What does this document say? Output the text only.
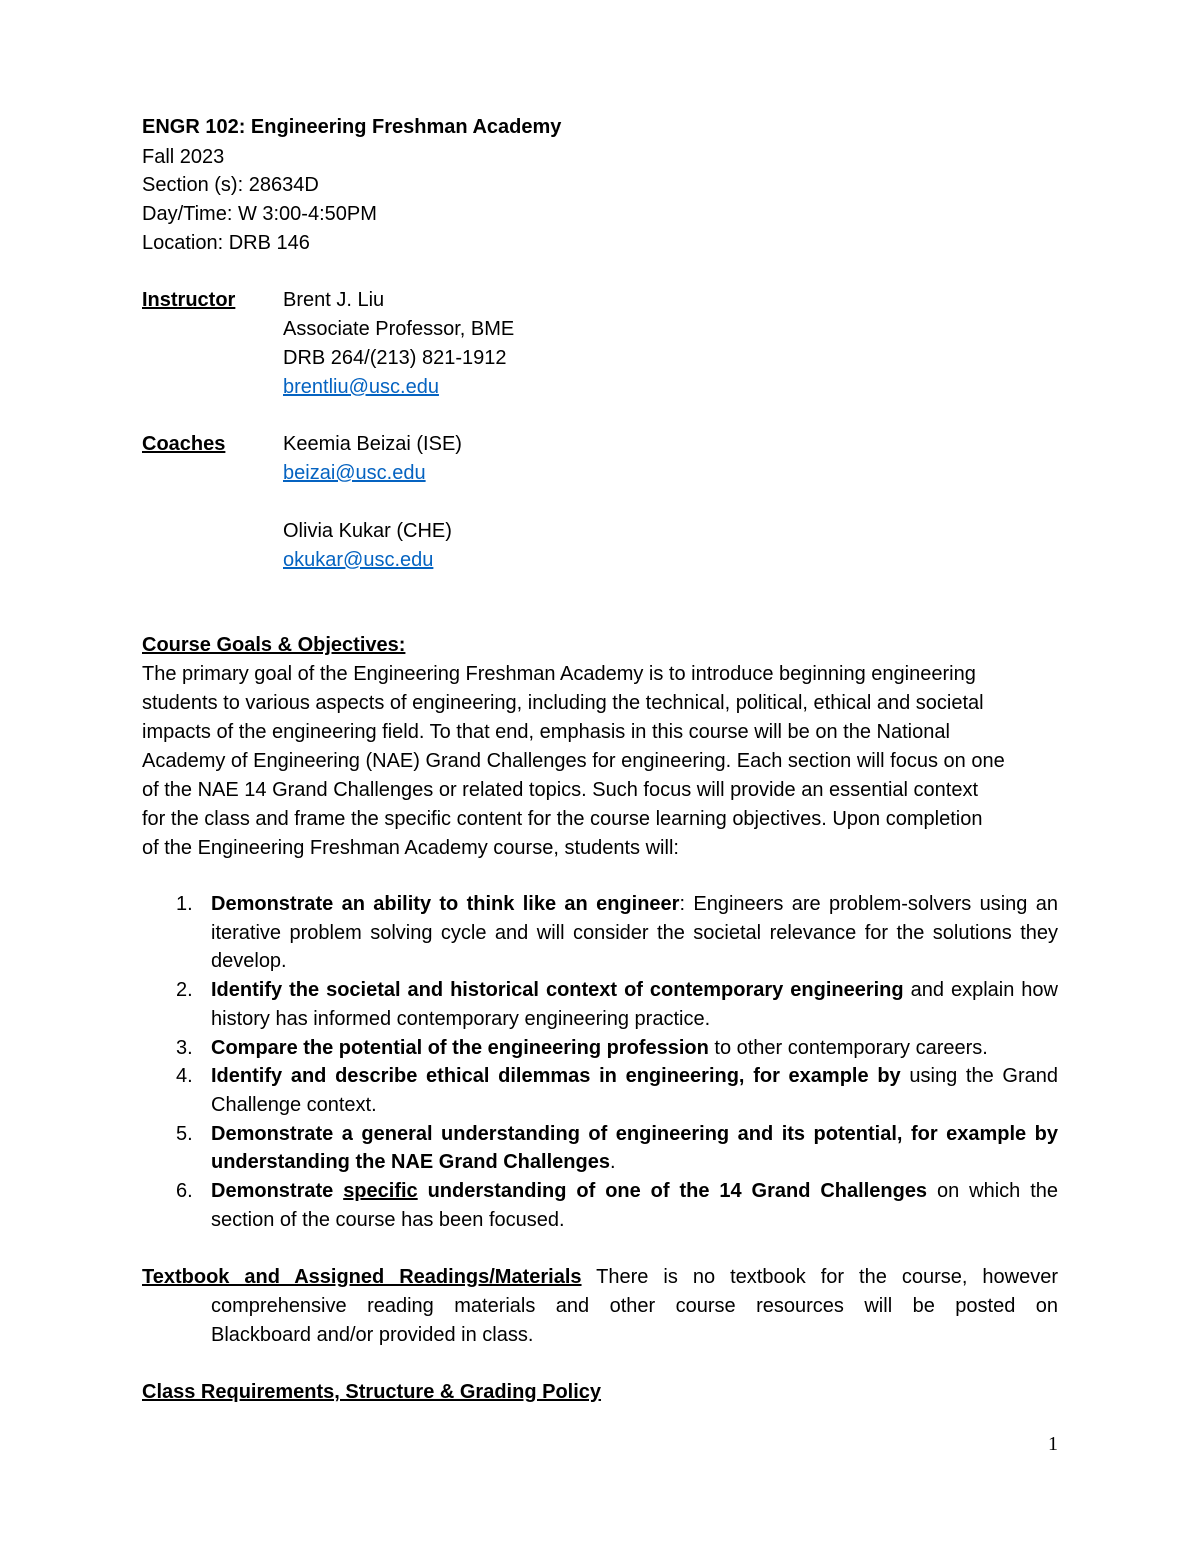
ENGR 102: Engineering Freshman Academy
Fall 2023
Section (s): 28634D
Day/Time: W 3:00-4:50PM
Location: DRB 146
Instructor Brent J. Liu
Associate Professor, BME
DRB 264/(213) 821-1912
brentliu@usc.edu
Coaches	Keemia Beizai (ISE)
beizai@usc.edu
Olivia Kukar (CHE)
okukar@usc.edu
Course Goals & Objectives:
The primary goal of the Engineering Freshman Academy is to introduce beginning engineering
students to various aspects of engineering, including the technical, political, ethical and societal
impacts of the engineering field. To that end, emphasis in this course will be on the National
Academy of Engineering (NAE) Grand Challenges for engineering. Each section will focus on one
of the NAE 14 Grand Challenges or related topics. Such focus will provide an essential context
for the class and frame the specific content for the course learning objectives. Upon completion
of the Engineering Freshman Academy course, students will:
1. Demonstrate an ability to think like an engineer: Engineers are problem-solvers using an iterative problem solving cycle and will consider the societal relevance for the solutions they develop.
2. Identify the societal and historical context of contemporary engineering and explain how history has informed contemporary engineering practice.
3. Compare the potential of the engineering profession to other contemporary careers.
4. Identify and describe ethical dilemmas in engineering, for example by using the Grand Challenge context.
5. Demonstrate a general understanding of engineering and its potential, for example by understanding the NAE Grand Challenges.
6. Demonstrate specific understanding of one of the 14 Grand Challenges on which the section of the course has been focused.
Textbook and Assigned Readings/Materials There is no textbook for the course, however
comprehensive reading materials and other course resources will be posted on
Blackboard and/or provided in class.
Class Requirements, Structure & Grading Policy
1
